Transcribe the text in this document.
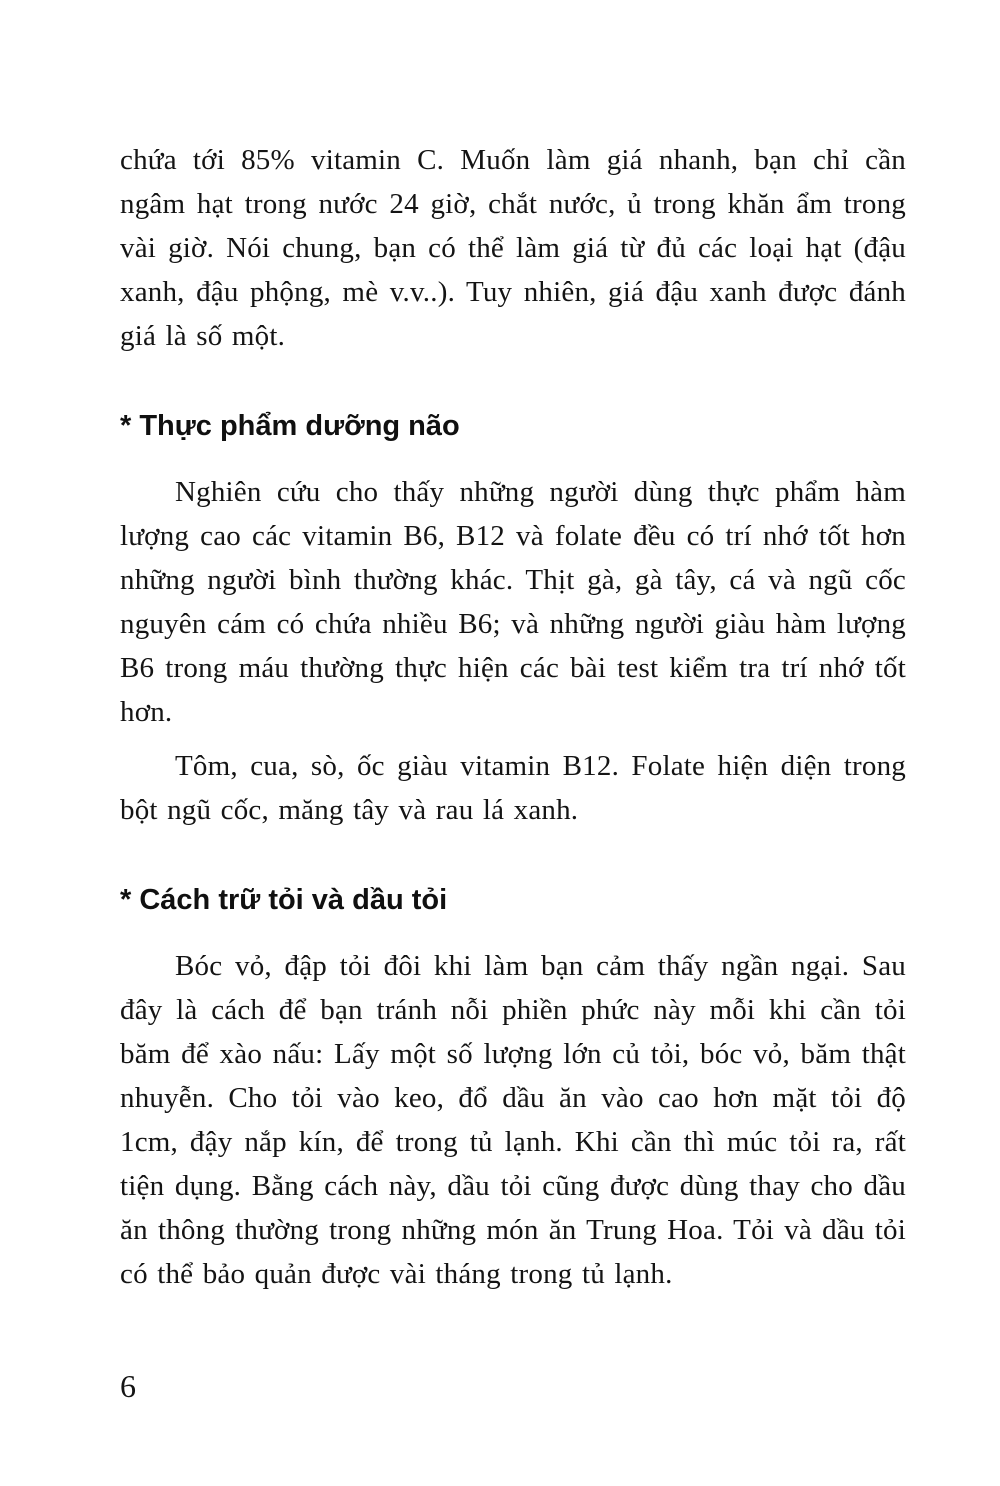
chứa tới 85% vitamin C. Muốn làm giá nhanh, bạn chỉ cần ngâm hạt trong nước 24 giờ, chắt nước, ủ trong khăn ẩm trong vài giờ. Nói chung, bạn có thể làm giá từ đủ các loại hạt (đậu xanh, đậu phộng, mè v.v..). Tuy nhiên, giá đậu xanh được đánh giá là số một.

* Thực phẩm dưỡng não

Nghiên cứu cho thấy những người dùng thực phẩm hàm lượng cao các vitamin B6, B12 và folate đều có trí nhớ tốt hơn những người bình thường khác. Thịt gà, gà tây, cá và ngũ cốc nguyên cám có chứa nhiều B6; và những người giàu hàm lượng B6 trong máu thường thực hiện các bài test kiểm tra trí nhớ tốt hơn.

Tôm, cua, sò, ốc giàu vitamin B12. Folate hiện diện trong bột ngũ cốc, măng tây và rau lá xanh.

* Cách trữ tỏi và dầu tỏi

Bóc vỏ, đập tỏi đôi khi làm bạn cảm thấy ngần ngại. Sau đây là cách để bạn tránh nỗi phiền phức này mỗi khi cần tỏi băm để xào nấu: Lấy một số lượng lớn củ tỏi, bóc vỏ, băm thật nhuyễn. Cho tỏi vào keo, đổ dầu ăn vào cao hơn mặt tỏi độ 1cm, đậy nắp kín, để trong tủ lạnh. Khi cần thì múc tỏi ra, rất tiện dụng. Bằng cách này, dầu tỏi cũng được dùng thay cho dầu ăn thông thường trong những món ăn Trung Hoa. Tỏi và dầu tỏi có thể bảo quản được vài tháng trong tủ lạnh.

6
